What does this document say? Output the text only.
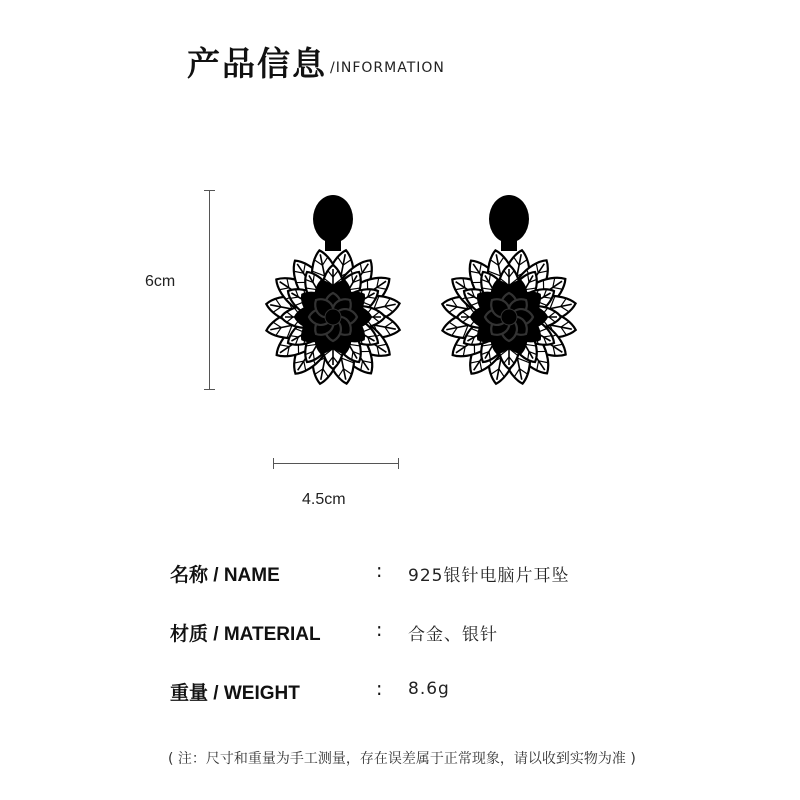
产品信息 /INFORMATION
6cm
4.5cm
名称 / NAME	: 925银针电脑片耳坠
材质 / MATERIAL	: 合金、银针
重量 / WEIGHT	: 8.6g
( 注：尺寸和重量为手工测量，存在误差属于正常现象，请以收到实物为准 )
